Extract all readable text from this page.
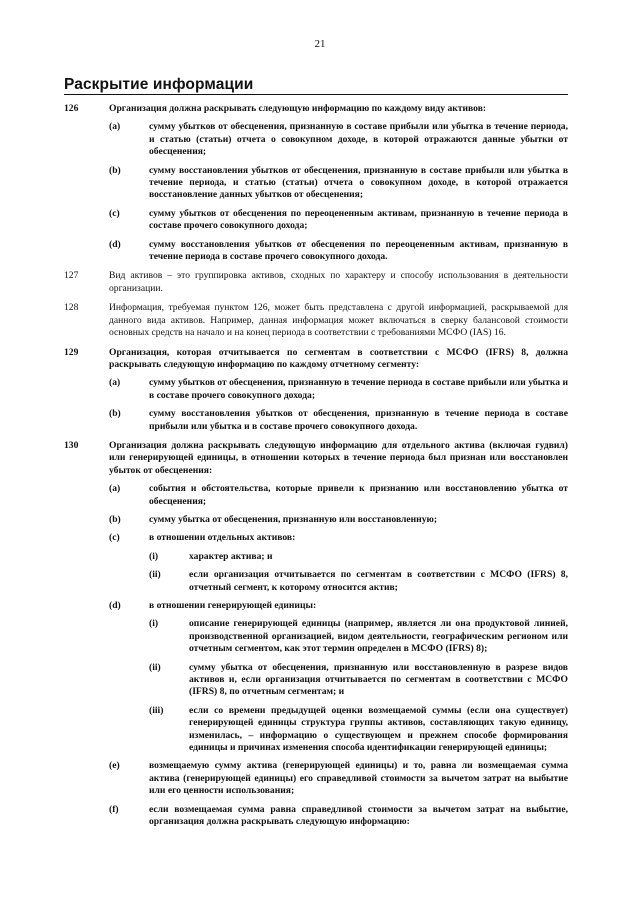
21
Раскрытие информации
126	Организация должна раскрывать следующую информацию по каждому виду активов:
(a)	сумму убытков от обесценения, признанную в составе прибыли или убытка в течение периода, и статью (статьи) отчета о совокупном доходе, в которой отражаются данные убытки от обесценения;
(b)	сумму восстановления убытков от обесценения, признанную в составе прибыли или убытка в течение периода, и статью (статьи) отчета о совокупном доходе, в которой отражается восстановление данных убытков от обесценения;
(c)	сумму убытков от обесценения по переоцененным активам, признанную в течение периода в составе прочего совокупного дохода;
(d)	сумму восстановления убытков от обесценения по переоцененным активам, признанную в течение периода в составе прочего совокупного дохода.
127	Вид активов – это группировка активов, сходных по характеру и способу использования в деятельности организации.
128	Информация, требуемая пунктом 126, может быть представлена с другой информацией, раскрываемой для данного вида активов. Например, данная информация может включаться в сверку балансовой стоимости основных средств на начало и на конец периода в соответствии с требованиями МСФО (IAS) 16.
129	Организация, которая отчитывается по сегментам в соответствии с МСФО (IFRS) 8, должна раскрывать следующую информацию по каждому отчетному сегменту:
(a)	сумму убытков от обесценения, признанную в течение периода в составе прибыли или убытка и в составе прочего совокупного дохода;
(b)	сумму восстановления убытков от обесценения, признанную в течение периода в составе прибыли или убытка и в составе прочего совокупного дохода.
130	Организация должна раскрывать следующую информацию для отдельного актива (включая гудвил) или генерирующей единицы, в отношении которых в течение периода был признан или восстановлен убыток от обесценения:
(a)	события и обстоятельства, которые привели к признанию или восстановлению убытка от обесценения;
(b)	сумму убытка от обесценения, признанную или восстановленную;
(c)	в отношении отдельных активов:
(i)	характер актива; и
(ii)	если организация отчитывается по сегментам в соответствии с МСФО (IFRS) 8, отчетный сегмент, к которому относится актив;
(d)	в отношении генерирующей единицы:
(i)	описание генерирующей единицы (например, является ли она продуктовой линией, производственной организацией, видом деятельности, географическим регионом или отчетным сегментом, как этот термин определен в МСФО (IFRS) 8);
(ii)	сумму убытка от обесценения, признанную или восстановленную в разрезе видов активов и, если организация отчитывается по сегментам в соответствии с МСФО (IFRS) 8, по отчетным сегментам; и
(iii)	если со времени предыдущей оценки возмещаемой суммы (если она существует) генерирующей единицы структура группы активов, составляющих такую единицу, изменилась, – информацию о существующем и прежнем способе формирования единицы и причинах изменения способа идентификации генерирующей единицы;
(e)	возмещаемую сумму актива (генерирующей единицы) и то, равна ли возмещаемая сумма актива (генерирующей единицы) его справедливой стоимости за вычетом затрат на выбытие или его ценности использования;
(f)	если возмещаемая сумма равна справедливой стоимости за вычетом затрат на выбытие, организация должна раскрывать следующую информацию:
